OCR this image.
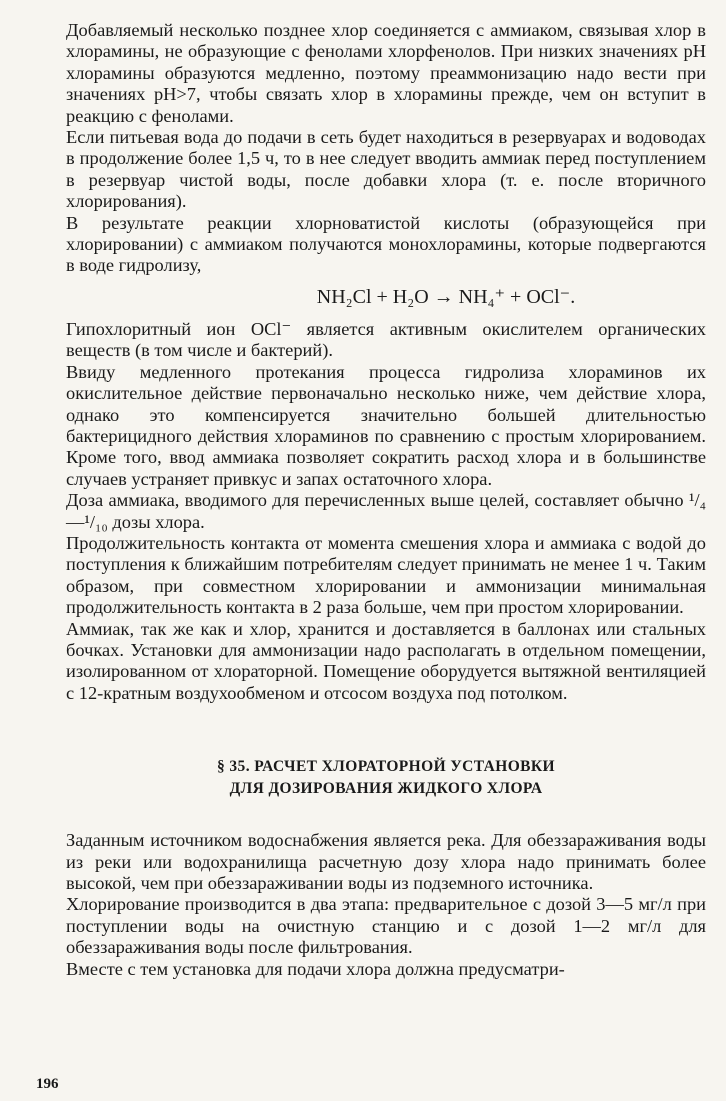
Добавляемый несколько позднее хлор соединяется с аммиаком, связывая хлор в хлорамины, не образующие с фенолами хлорфенолов. При низких значениях pH хлорамины образуются медленно, поэтому преаммонизацию надо вести при значениях pH>7, чтобы связать хлор в хлорамины прежде, чем он вступит в реакцию с фенолами.
Если питьевая вода до подачи в сеть будет находиться в резервуарах и водоводах в продолжение более 1,5 ч, то в нее следует вводить аммиак перед поступлением в резервуар чистой воды, после добавки хлора (т. е. после вторичного хлорирования).
В результате реакции хлорноватистой кислоты (образующейся при хлорировании) с аммиаком получаются монохлорамины, которые подвергаются в воде гидролизу,
NH₂Cl + H₂O → NH₄⁺ + OCl⁻.
Гипохлоритный ион OCl⁻ является активным окислителем органических веществ (в том числе и бактерий).
Ввиду медленного протекания процесса гидролиза хлораминов их окислительное действие первоначально несколько ниже, чем действие хлора, однако это компенсируется значительно большей длительностью бактерицидного действия хлораминов по сравнению с простым хлорированием. Кроме того, ввод аммиака позволяет сократить расход хлора и в большинстве случаев устраняет привкус и запах остаточного хлора.
Доза аммиака, вводимого для перечисленных выше целей, составляет обычно ¹/₄—¹/₁₀ дозы хлора.
Продолжительность контакта от момента смешения хлора и аммиака с водой до поступления к ближайшим потребителям следует принимать не менее 1 ч. Таким образом, при совместном хлорировании и аммонизации минимальная продолжительность контакта в 2 раза больше, чем при простом хлорировании.
Аммиак, так же как и хлор, хранится и доставляется в баллонах или стальных бочках. Установки для аммонизации надо располагать в отдельном помещении, изолированном от хлораторной. Помещение оборудуется вытяжной вентиляцией с 12-кратным воздухообменом и отсосом воздуха под потолком.
§ 35. РАСЧЕТ ХЛОРАТОРНОЙ УСТАНОВКИ
ДЛЯ ДОЗИРОВАНИЯ ЖИДКОГО ХЛОРА
Заданным источником водоснабжения является река. Для обеззараживания воды из реки или водохранилища расчетную дозу хлора надо принимать более высокой, чем при обеззараживании воды из подземного источника.
Хлорирование производится в два этапа: предварительное с дозой 3—5 мг/л при поступлении воды на очистную станцию и с дозой 1—2 мг/л для обеззараживания воды после фильтрования.
Вместе с тем установка для подачи хлора должна предусматри-
196
